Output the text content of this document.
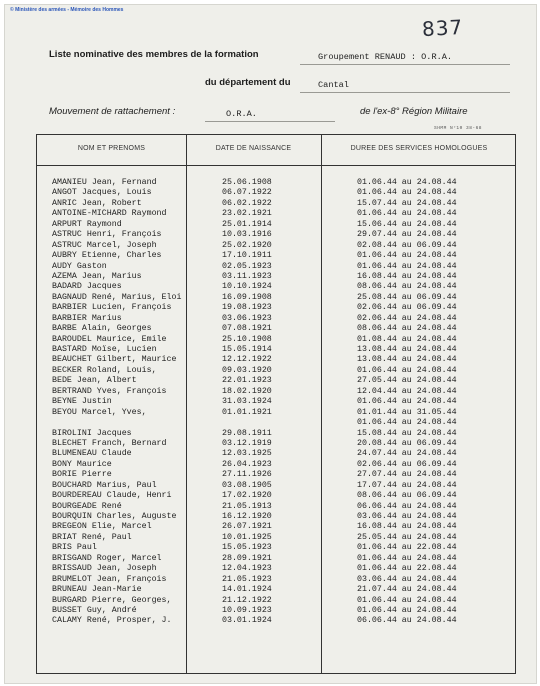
© Ministère des armées - Mémoire des Hommes
837
Liste nominative des membres de la formation	Groupement RENAUD : O.R.A.
du département du	Cantal
Mouvement de rattachement :	O.R.A.	de l'ex-8° Région Militaire
SHMM N°10 38-68
NOM ET PRENOMS	DATE DE NAISSANCE	DUREE DES SERVICES HOMOLOGUES
AMANIEU Jean, Fernand	25.06.1908	01.06.44 au 24.08.44
ANGOT Jacques, Louis	06.07.1922	01.06.44 au 24.08.44
ANRIC Jean, Robert	06.02.1922	15.07.44 au 24.08.44
ANTOINE-MICHARD Raymond	23.02.1921	01.06.44 au 24.08.44
ARPURT Raymond	25.01.1914	15.06.44 au 24.08.44
ASTRUC Henri, François	10.03.1916	29.07.44 au 24.08.44
ASTRUC Marcel, Joseph	25.02.1920	02.08.44 au 06.09.44
AUBRY Etienne, Charles	17.10.1911	01.06.44 au 24.08.44
AUDY Gaston	02.05.1923	01.06.44 au 24.08.44
AZEMA Jean, Marius	03.11.1923	16.08.44 au 24.08.44
BADARD Jacques	10.10.1924	08.06.44 au 24.08.44
BAGNAUD René, Marius, Eloi	16.09.1908	25.08.44 au 06.09.44
BARBIER Lucien, François	19.08.1923	02.06.44 au 06.09.44
BARBIER Marius	03.06.1923	02.06.44 au 24.08.44
BARBE Alain, Georges	07.08.1921	08.06.44 au 24.08.44
BAROUDEL Maurice, Emile	25.10.1908	01.08.44 au 24.08.44
BASTARD Moïse, Lucien	15.05.1914	13.08.44 au 24.08.44
BEAUCHET Gilbert, Maurice	12.12.1922	13.08.44 au 24.08.44
BECKER Roland, Louis,	09.03.1920	01.06.44 au 24.08.44
BEDE Jean, Albert	22.01.1923	27.05.44 au 24.08.44
BERTRAND Yves, François	18.02.1920	12.04.44 au 24.08.44
BEYNE Justin	31.03.1924	01.06.44 au 24.08.44
BEYOU Marcel, Yves,	01.01.1921	01.01.44 au 31.05.44
01.06.44 au 24.08.44
BIROLINI Jacques	29.08.1911	15.08.44 au 24.08.44
BLECHET Franch, Bernard	03.12.1919	20.08.44 au 06.09.44
BLUMENEAU Claude	12.03.1925	24.07.44 au 24.08.44
BONY Maurice	26.04.1923	02.06.44 au 06.09.44
BORIE Pierre	27.11.1926	27.07.44 au 24.08.44
BOUCHARD Marius, Paul	03.08.1905	17.07.44 au 24.08.44
BOURDEREAU Claude, Henri	17.02.1920	08.06.44 au 06.09.44
BOURGEADE René	21.05.1913	06.06.44 au 24.08.44
BOURQUIN Charles, Auguste	16.12.1920	03.06.44 au 24.08.44
BREGEON Elie, Marcel	26.07.1921	16.08.44 au 24.08.44
BRIAT René, Paul	10.01.1925	25.05.44 au 24.08.44
BRIS Paul	15.05.1923	01.06.44 au 22.08.44
BRISGAND Roger, Marcel	28.09.1921	01.06.44 au 24.08.44
BRISSAUD Jean, Joseph	12.04.1923	01.06.44 au 22.08.44
BRUMELOT Jean, François	21.05.1923	03.06.44 au 24.08.44
BRUNEAU Jean-Marie	14.01.1924	21.07.44 au 24.08.44
BURGARD Pierre, Georges,	21.12.1922	01.06.44 au 24.08.44
BUSSET Guy, André	10.09.1923	01.06.44 au 24.08.44
CALAMY René, Prosper, J.	03.01.1924	06.06.44 au 24.08.44
